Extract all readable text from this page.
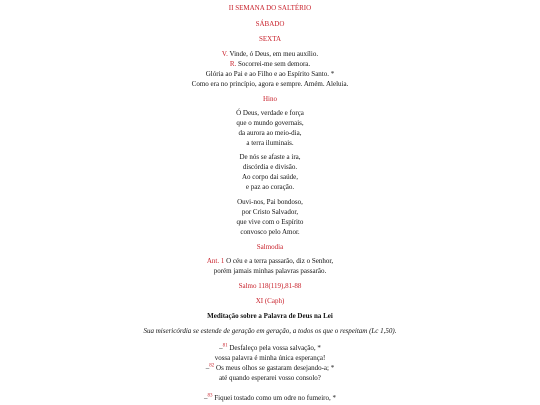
II SEMANA DO SALTÉRIO
SÁBADO
SEXTA
V. Vinde, ó Deus, em meu auxílio.
R. Socorrei-me sem demora.
Glória ao Pai e ao Filho e ao Espírito Santo. *
Como era no princípio, agora e sempre. Amém. Aleluia.
Hino
Ó Deus, verdade e força
que o mundo governais,
da aurora ao meio-dia,
a terra iluminais.
De nós se afaste a ira,
discórdia e divisão.
Ao corpo dai saúde,
e paz ao coração.
Ouvi-nos, Pai bondoso,
por Cristo Salvador,
que vive com o Espírito
convosco pelo Amor.
Salmodia
Ant. 1 O céu e a terra passarão, diz o Senhor,
porém jamais minhas palavras passarão.
Salmo 118(119),81-88
XI (Caph)
Meditação sobre a Palavra de Deus na Lei
Sua misericórdia se estende de geração em geração, a todos os que o respeitam (Lc 1,50).
–$^{81}$ Desfaleço pela vossa salvação, *
vossa palavra é minha única esperança!
–$^{82}$ Os meus olhos se gastaram desejando-a; *
até quando esperarei vosso consolo?
–$^{83}$ Fiquei tostado como um odre no fumeiro, *
